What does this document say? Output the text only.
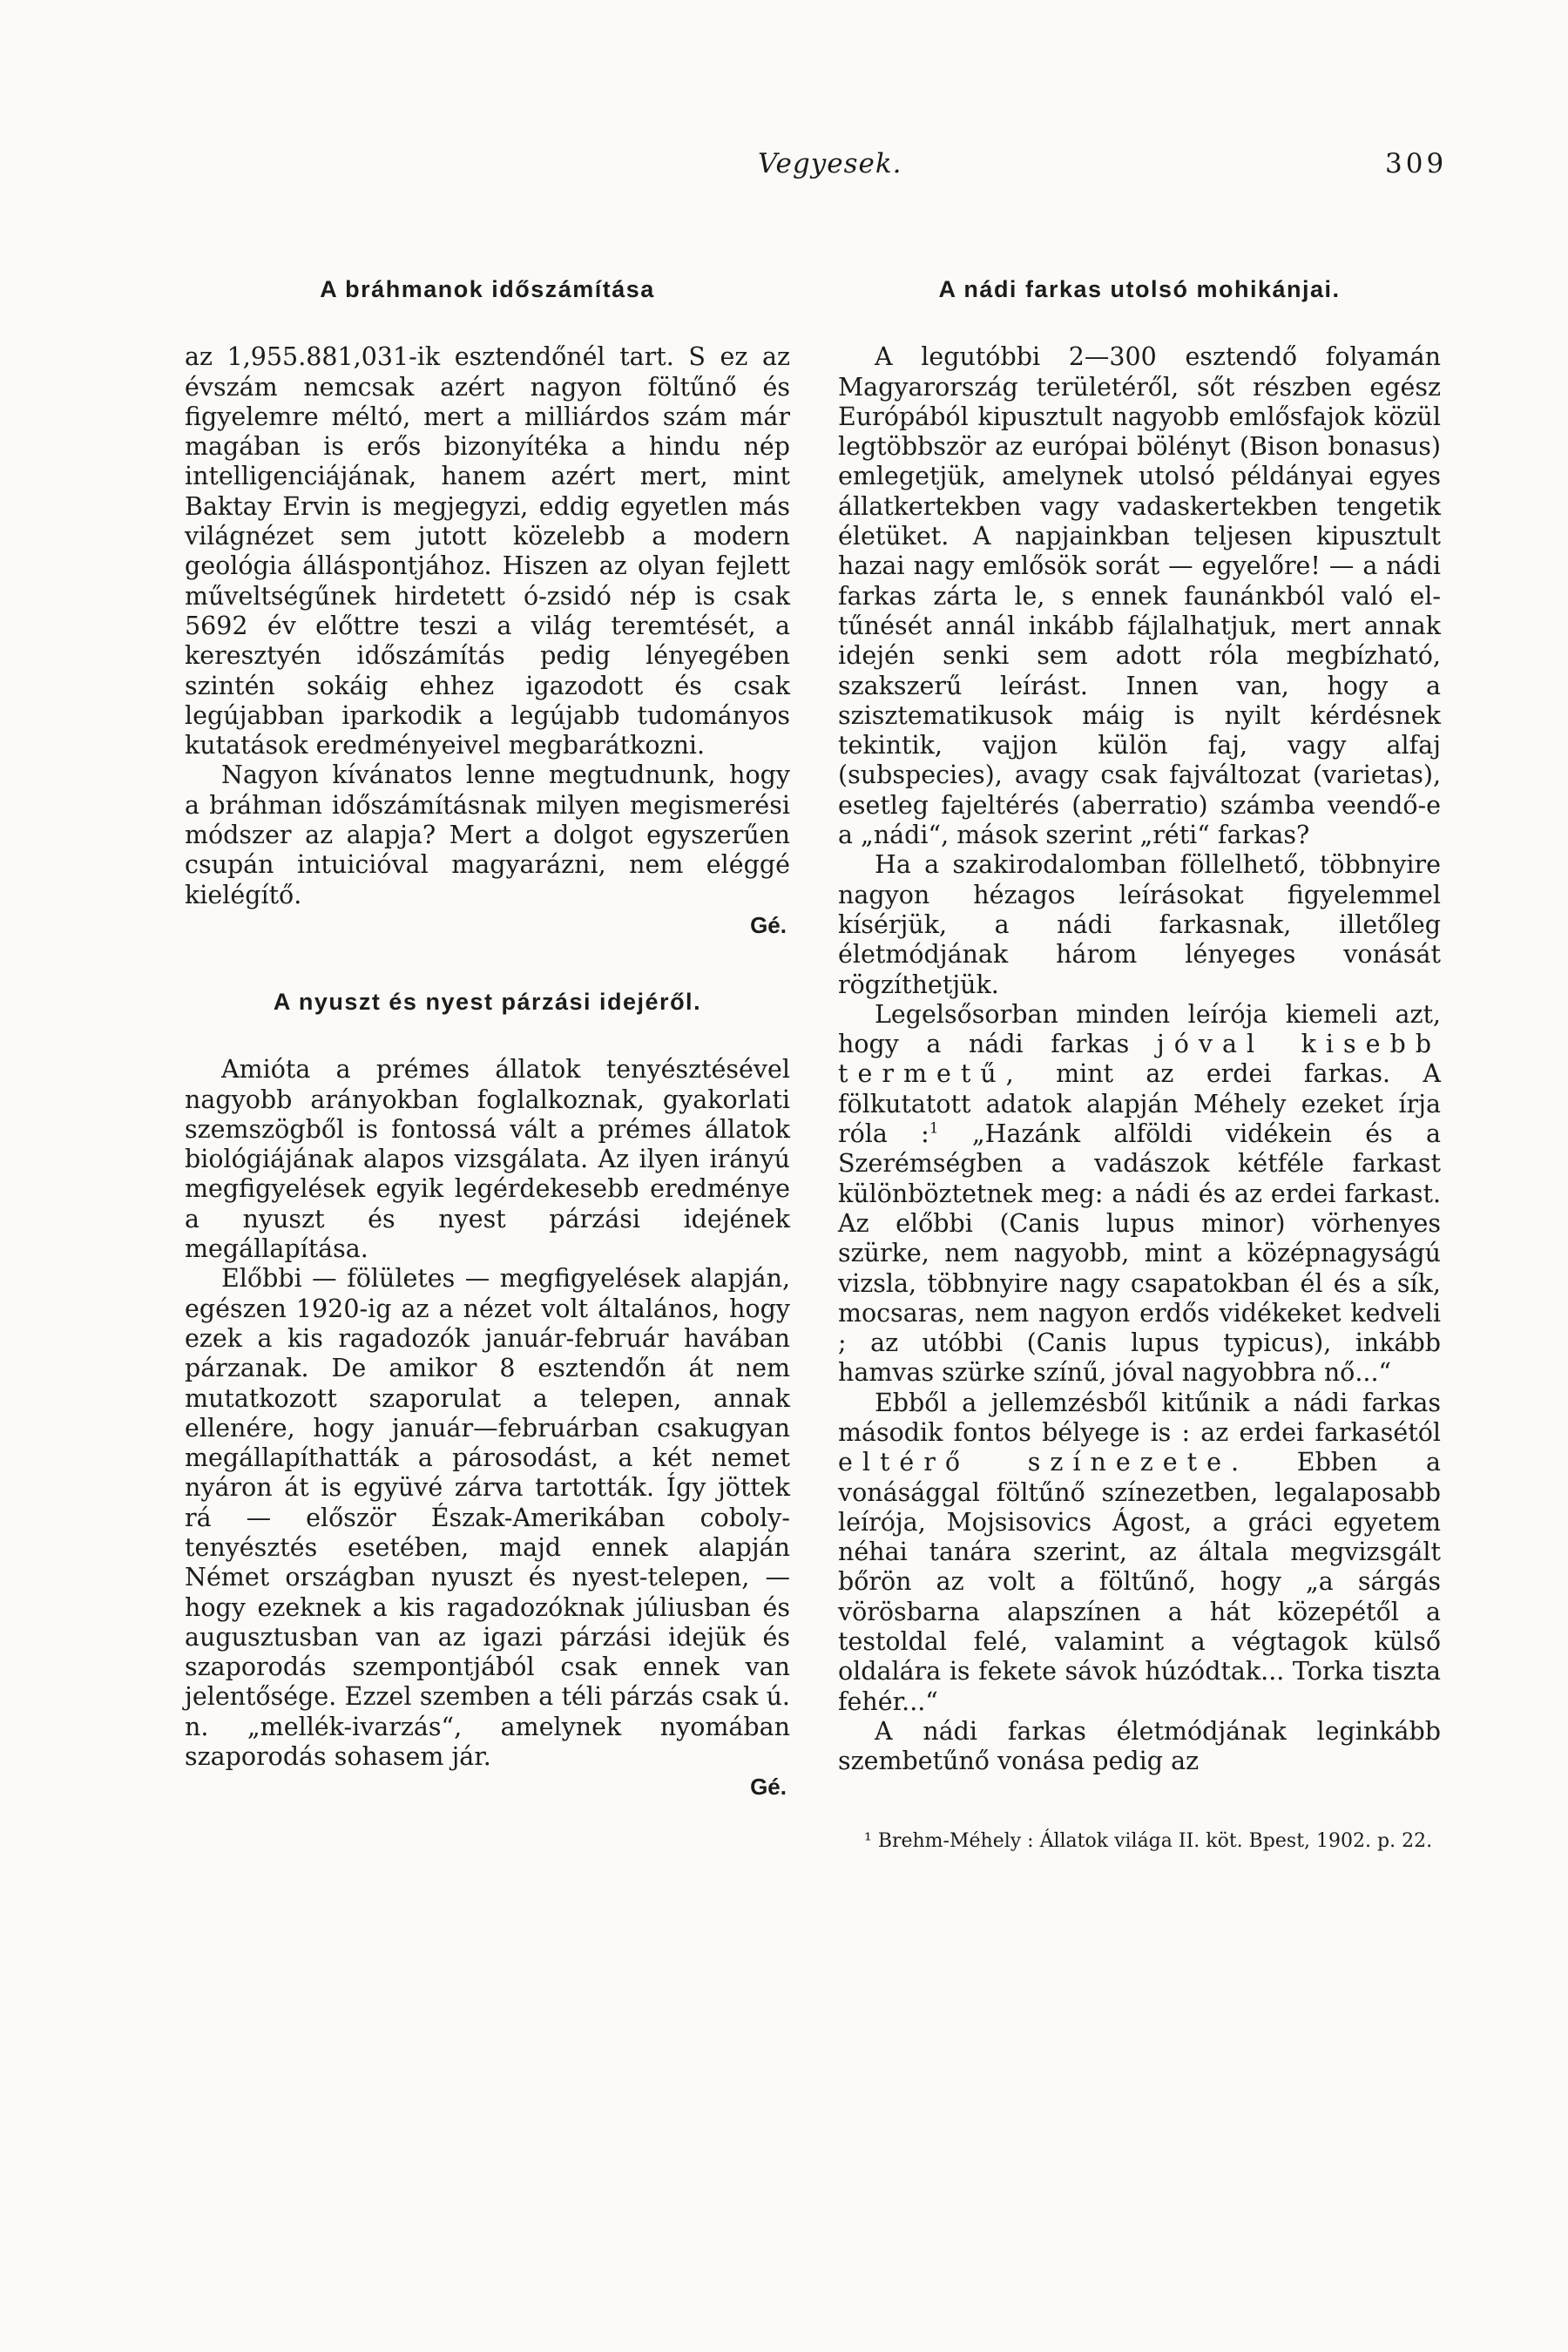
Vegyesek.	309
A bráhmanok időszámítása

az 1,955.881,031-ik esztendőnél tart. S ez az évszám nemcsak azért nagyon föltűnő és figyelemre méltó, mert a milliárdos szám már magában is erős bizonyítéka a hindu nép intelligenciájának, hanem azért mert, mint Baktay Ervin is megjegyzi, eddig egyetlen más világnézet sem jutott közelebb a modern geológia álláspontjához. Hiszen az olyan fejlett műveltségűnek hirdetett ó-zsidó nép is csak 5692 év előttre teszi a világ teremtését, a keresztyén időszámítás pedig lényegében szintén sokáig ehhez igazodott és csak legújabban iparkodik a legújabb tudományos kutatások eredményeivel megbarátkozni.

Nagyon kívánatos lenne megtudnunk, hogy a bráhman időszámításnak milyen megismerési módszer az alapja? Mert a dolgot egyszerűen csupán intuicióval magyarázni, nem eléggé kielégítő.

Gé.

A nyuszt és nyest párzási idejéről.

Amióta a prémes állatok tenyésztésével nagyobb arányokban foglalkoznak, gyakorlati szemszögből is fontossá vált a prémes állatok biológiájának alapos vizsgálata. Az ilyen irányú megfigyelések egyik legérdekesebb eredménye a nyuszt és nyest párzási idejének megállapítása.

Előbbi — fölületes — megfigyelések alapján, egészen 1920-ig az a nézet volt általános, hogy ezek a kis ragadozók január-február havában párzanak. De amikor 8 esztendőn át nem mutatkozott szaporulat a telepen, annak ellenére, hogy január—februárban csakugyan megállapíthatták a párosodást, a két nemet nyáron át is együvé zárva tartották. Így jöttek rá — először Észak-Amerikában coboly-tenyésztés esetében, majd ennek alapján Német országban nyuszt és nyest-telepen, — hogy ezeknek a kis ragadozóknak júliusban és augusztusban van az igazi párzási idejük és szaporodás szempontjából csak ennek van jelentősége. Ezzel szemben a téli párzás csak ú. n. „mellék-ivarzás“, amelynek nyomában szaporodás sohasem jár.

Gé.

A nádi farkas utolsó mohikánjai.

A legutóbbi 2—300 esztendő folyamán Magyarország területéről, sőt részben egész Európából kipusztult nagyobb emlősfajok közül legtöbbször az európai bölényt (Bison bonasus) emlegetjük, amelynek utolsó példányai egyes állatkertekben vagy vadaskertekben tengetik életüket. A napjainkban teljesen kipusztult hazai nagy emlősök sorát — egyelőre! — a nádi farkas zárta le, s ennek faunánkból való eltűnését annál inkább fájlalhatjuk, mert annak idején senki sem adott róla megbízható, szakszerű leírást. Innen van, hogy a szisztematikusok máig is nyilt kérdésnek tekintik, vajjon külön faj, vagy alfaj (subspecies), avagy csak fajváltozat (varietas), esetleg fajeltérés (aberratio) számba veendő-e a „nádi“, mások szerint „réti“ farkas?

Ha a szakirodalomban föllelhető, többnyire nagyon hézagos leírásokat figyelemmel kísérjük, a nádi farkasnak, illetőleg életmódjának három lényeges vonását rögzíthetjük.

Legelsősorban minden leírója kiemeli azt, hogy a nádi farkas jóval kisebb termetű, mint az erdei farkas. A fölkutatott adatok alapján Méhely ezeket írja róla :$^1$ „Hazánk alföldi vidékein és a Szerémségben a vadászok kétféle farkast különböztetnek meg: a nádi és az erdei farkast. Az előbbi (Canis lupus minor) vörhenyes szürke, nem nagyobb, mint a középnagyságú vizsla, többnyire nagy csapatokban él és a sík, mocsaras, nem nagyon erdős vidékeket kedveli ; az utóbbi (Canis lupus typicus), inkább hamvas szürke színű, jóval nagyobbra nő...“

Ebből a jellemzésből kitűnik a nádi farkas második fontos bélyege is : az erdei farkasétól eltérő színezete. Ebben a vonásággal föltűnő színezetben, legalaposabb leírója, Mojsisovics Ágost, a gráci egyetem néhai tanára szerint, az általa megvizsgált bőrön az volt a föltűnő, hogy „a sárgás vörösbarna alapszínen a hát közepétől a testoldal felé, valamint a végtagok külső oldalára is fekete sávok húzódtak... Torka tiszta fehér...“

A nádi farkas életmódjának leginkább szembetűnő vonása pedig az

¹ Brehm-Méhely : Állatok világa II. köt. Bpest, 1902. p. 22.
